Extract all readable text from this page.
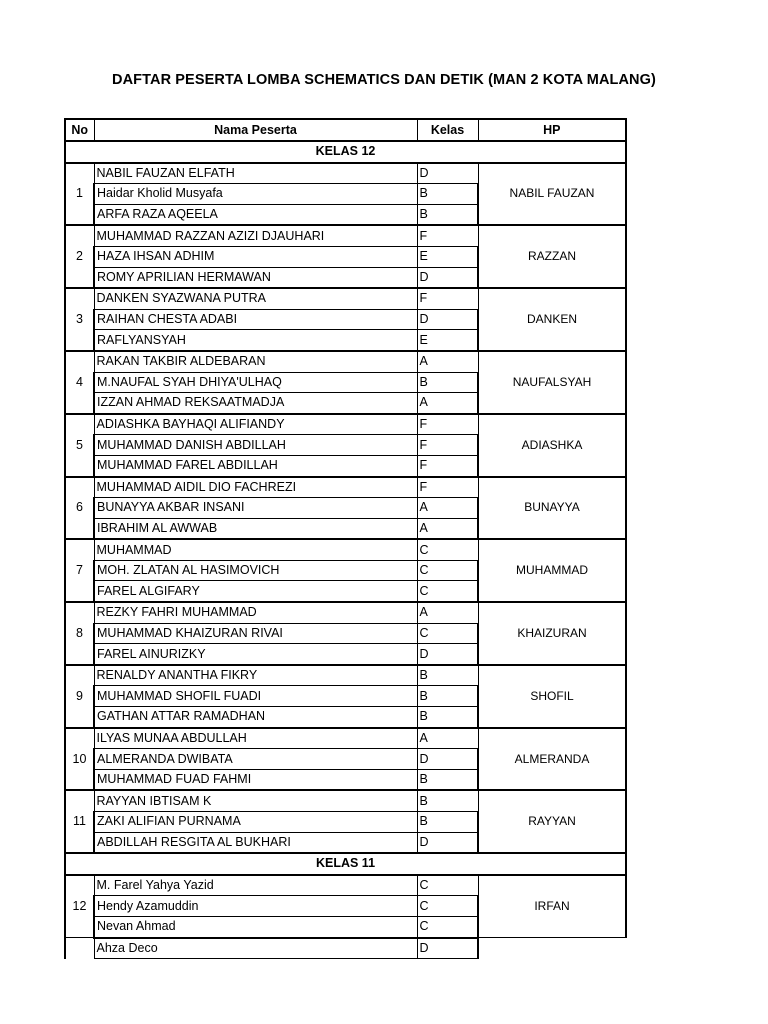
DAFTAR PESERTA LOMBA SCHEMATICS DAN DETIK (MAN 2 KOTA MALANG)
No	Nama Peserta	Kelas	HP
KELAS 12			
1	NABIL FAUZAN ELFATH	D	NABIL FAUZAN
	Haidar Kholid Musyafa	B	
	ARFA RAZA AQEELA	B	
2	MUHAMMAD RAZZAN AZIZI DJAUHARI	F	RAZZAN
	HAZA IHSAN ADHIM	E	
	ROMY APRILIAN HERMAWAN	D	
3	DANKEN SYAZWANA PUTRA	F	DANKEN
	RAIHAN CHESTA ADABI	D	
	RAFLYANSYAH	E	
4	RAKAN TAKBIR ALDEBARAN	A	NAUFALSYAH
	M.NAUFAL SYAH DHIYA'ULHAQ	B	
	IZZAN AHMAD REKSAATMADJA	A	
5	ADIASHKA BAYHAQI ALIFIANDY	F	ADIASHKA
	MUHAMMAD DANISH ABDILLAH	F	
	MUHAMMAD FAREL ABDILLAH	F	
6	MUHAMMAD AIDIL DIO FACHREZI	F	BUNAYYA
	BUNAYYA AKBAR INSANI	A	
	IBRAHIM AL AWWAB	A	
7	MUHAMMAD	C	MUHAMMAD
	MOH. ZLATAN AL HASIMOVICH	C	
	FAREL ALGIFARY	C	
8	REZKY FAHRI MUHAMMAD	A	KHAIZURAN
	MUHAMMAD KHAIZURAN RIVAI	C	
	FAREL AINURIZKY	D	
9	RENALDY ANANTHA FIKRY	B	SHOFIL
	MUHAMMAD SHOFIL FUADI	B	
	GATHAN ATTAR RAMADHAN	B	
10	ILYAS MUNAA ABDULLAH	A	ALMERANDA
	ALMERANDA DWIBATA	D	
	MUHAMMAD FUAD FAHMI	B	
11	RAYYAN IBTISAM K	B	RAYYAN
	ZAKI ALIFIAN PURNAMA	B	
	ABDILLAH RESGITA AL BUKHARI	D	
KELAS 11			
12	M. Farel Yahya Yazid	C	IRFAN
	Hendy Azamuddin	C	
	Nevan Ahmad	C	
	Ahza Deco	D	
